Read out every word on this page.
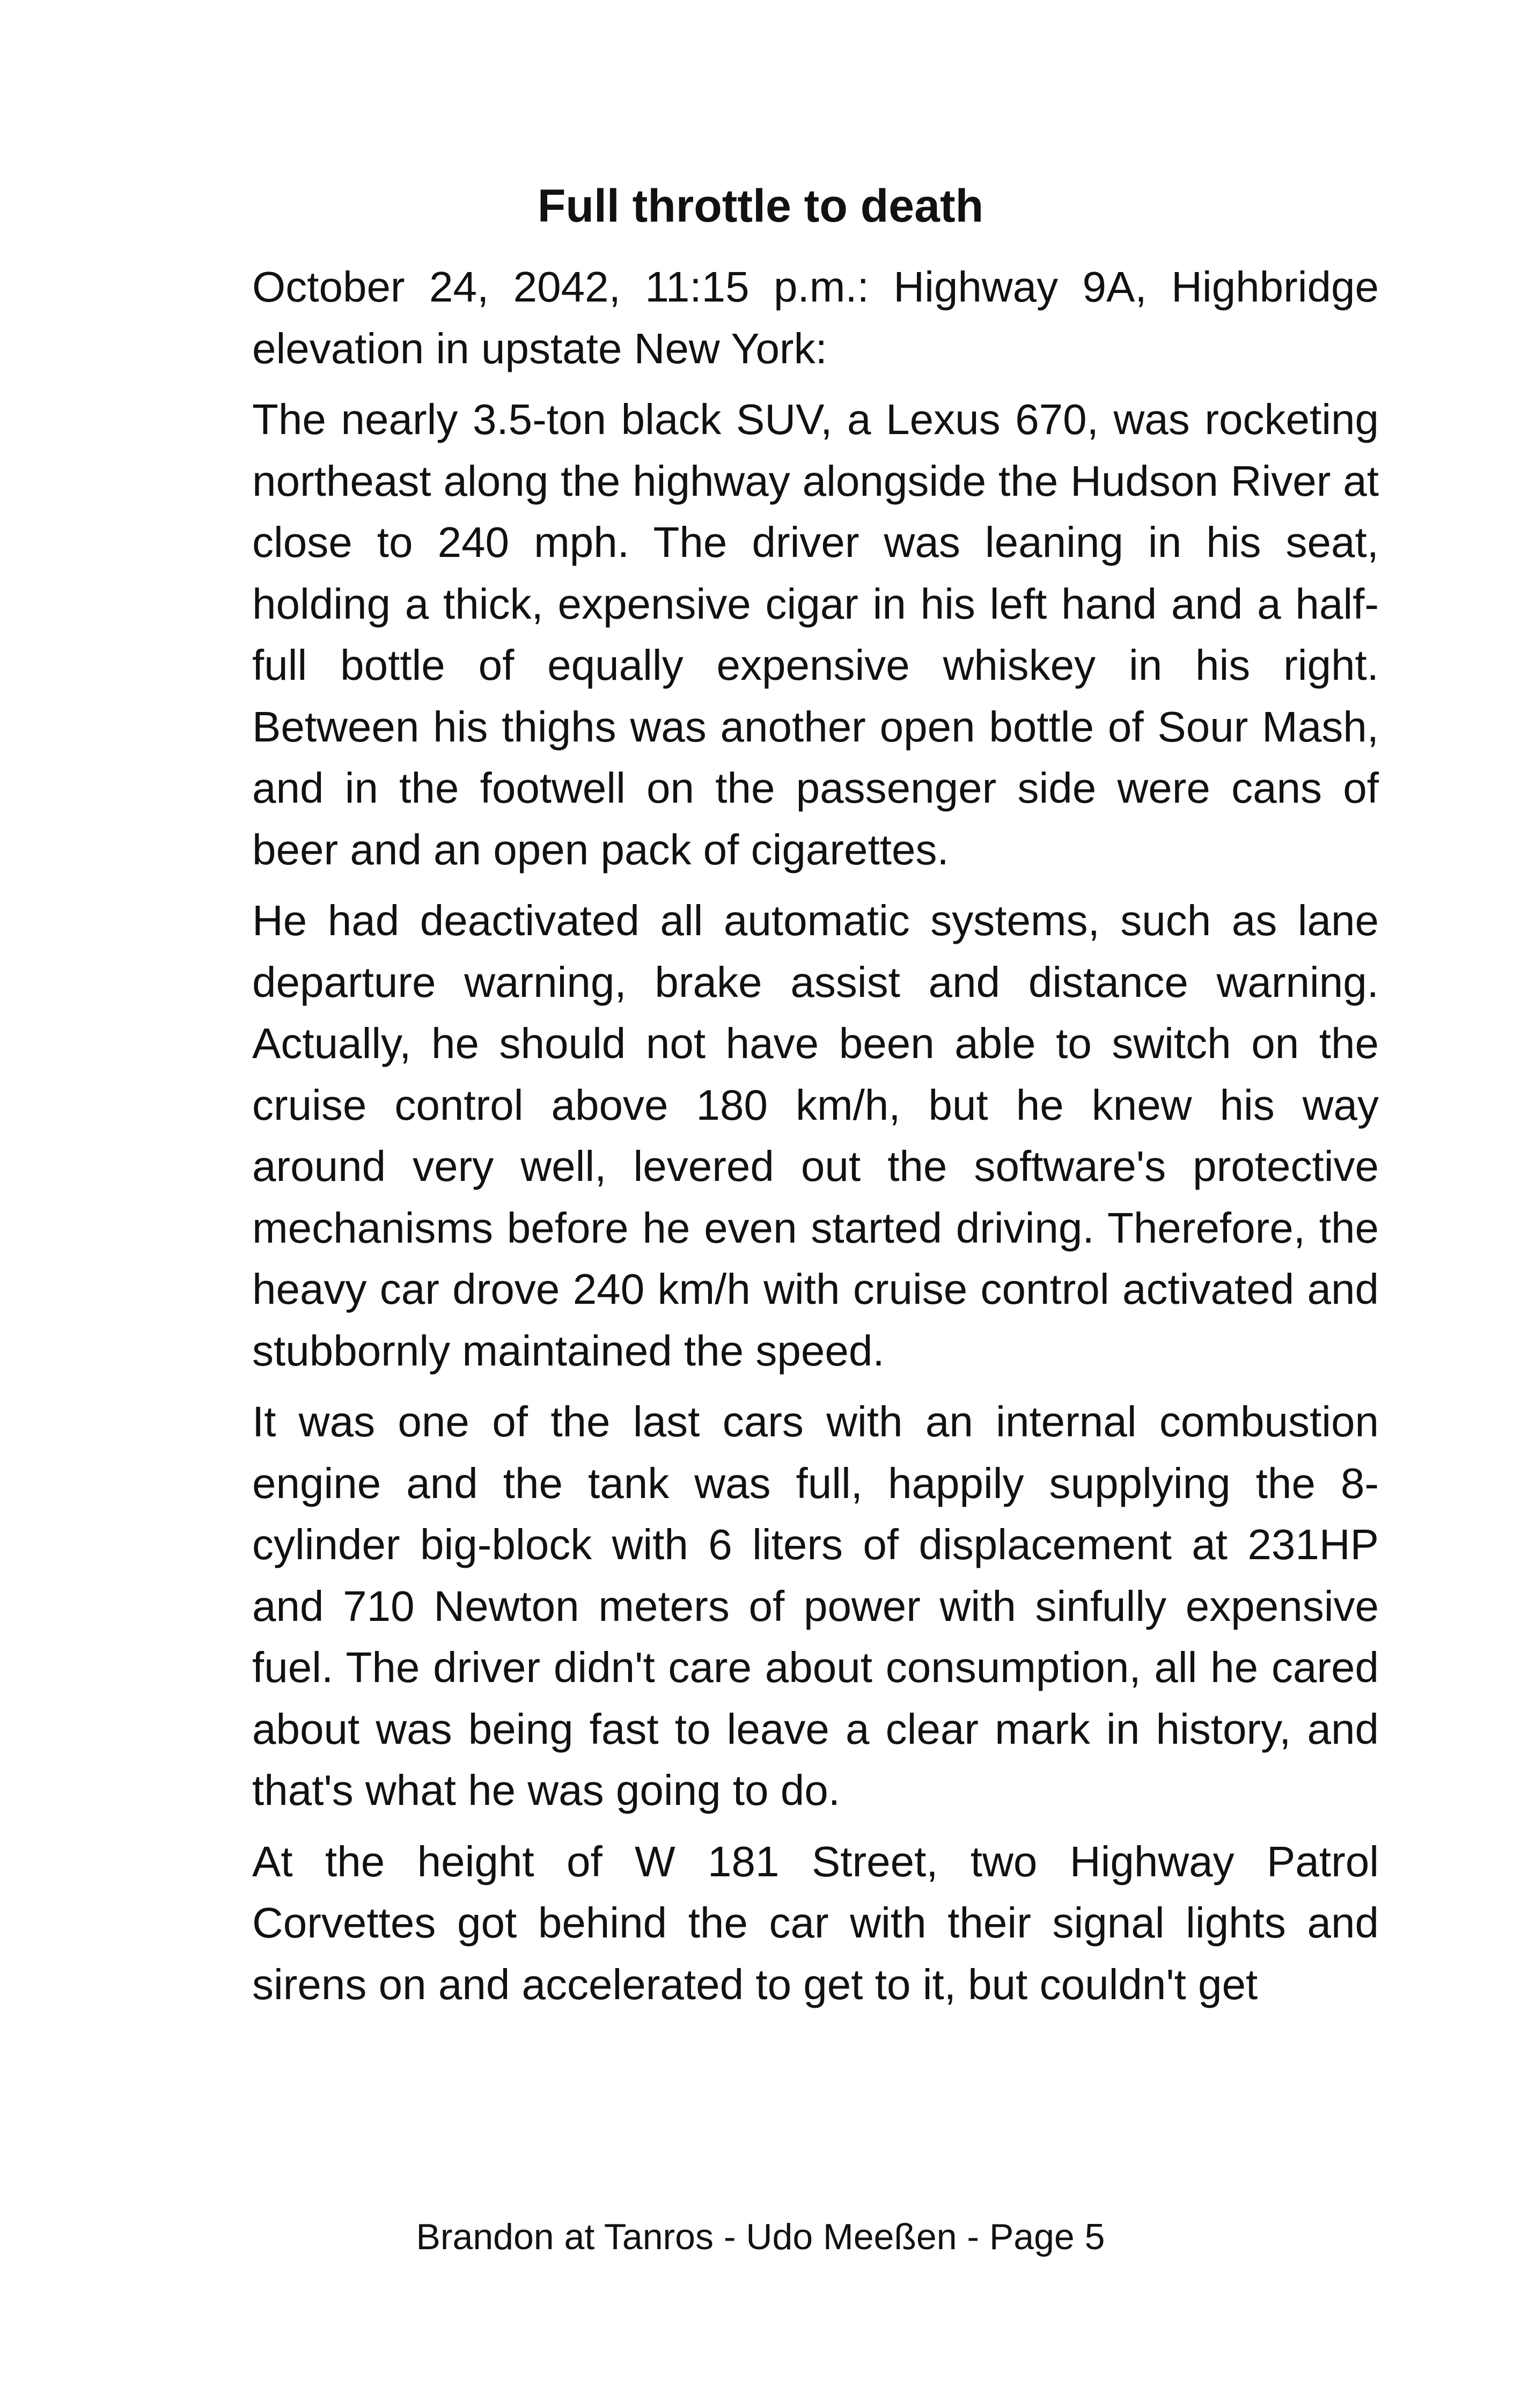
Full throttle to death

October 24, 2042, 11:15 p.m.: Highway 9A, Highbridge elevation in upstate New York:

The nearly 3.5-ton black SUV, a Lexus 670, was rocketing northeast along the highway alongside the Hudson River at close to 240 mph. The driver was leaning in his seat, holding a thick, expensive cigar in his left hand and a half-full bottle of equally expensive whiskey in his right. Between his thighs was another open bottle of Sour Mash, and in the footwell on the passenger side were cans of beer and an open pack of cigarettes.

He had deactivated all automatic systems, such as lane departure warning, brake assist and distance warning. Actually, he should not have been able to switch on the cruise control above 180 km/h, but he knew his way around very well, levered out the software's protective mechanisms before he even started driving. Therefore, the heavy car drove 240 km/h with cruise control activated and stubbornly maintained the speed.

It was one of the last cars with an internal combustion engine and the tank was full, happily supplying the 8-cylinder big-block with 6 liters of displacement at 231HP and 710 Newton meters of power with sinfully expensive fuel. The driver didn't care about consumption, all he cared about was being fast to leave a clear mark in history, and that's what he was going to do.

At the height of W 181 Street, two Highway Patrol Corvettes got behind the car with their signal lights and sirens on and accelerated to get to it, but couldn't get

Brandon at Tanros - Udo Meeßen - Page 5
